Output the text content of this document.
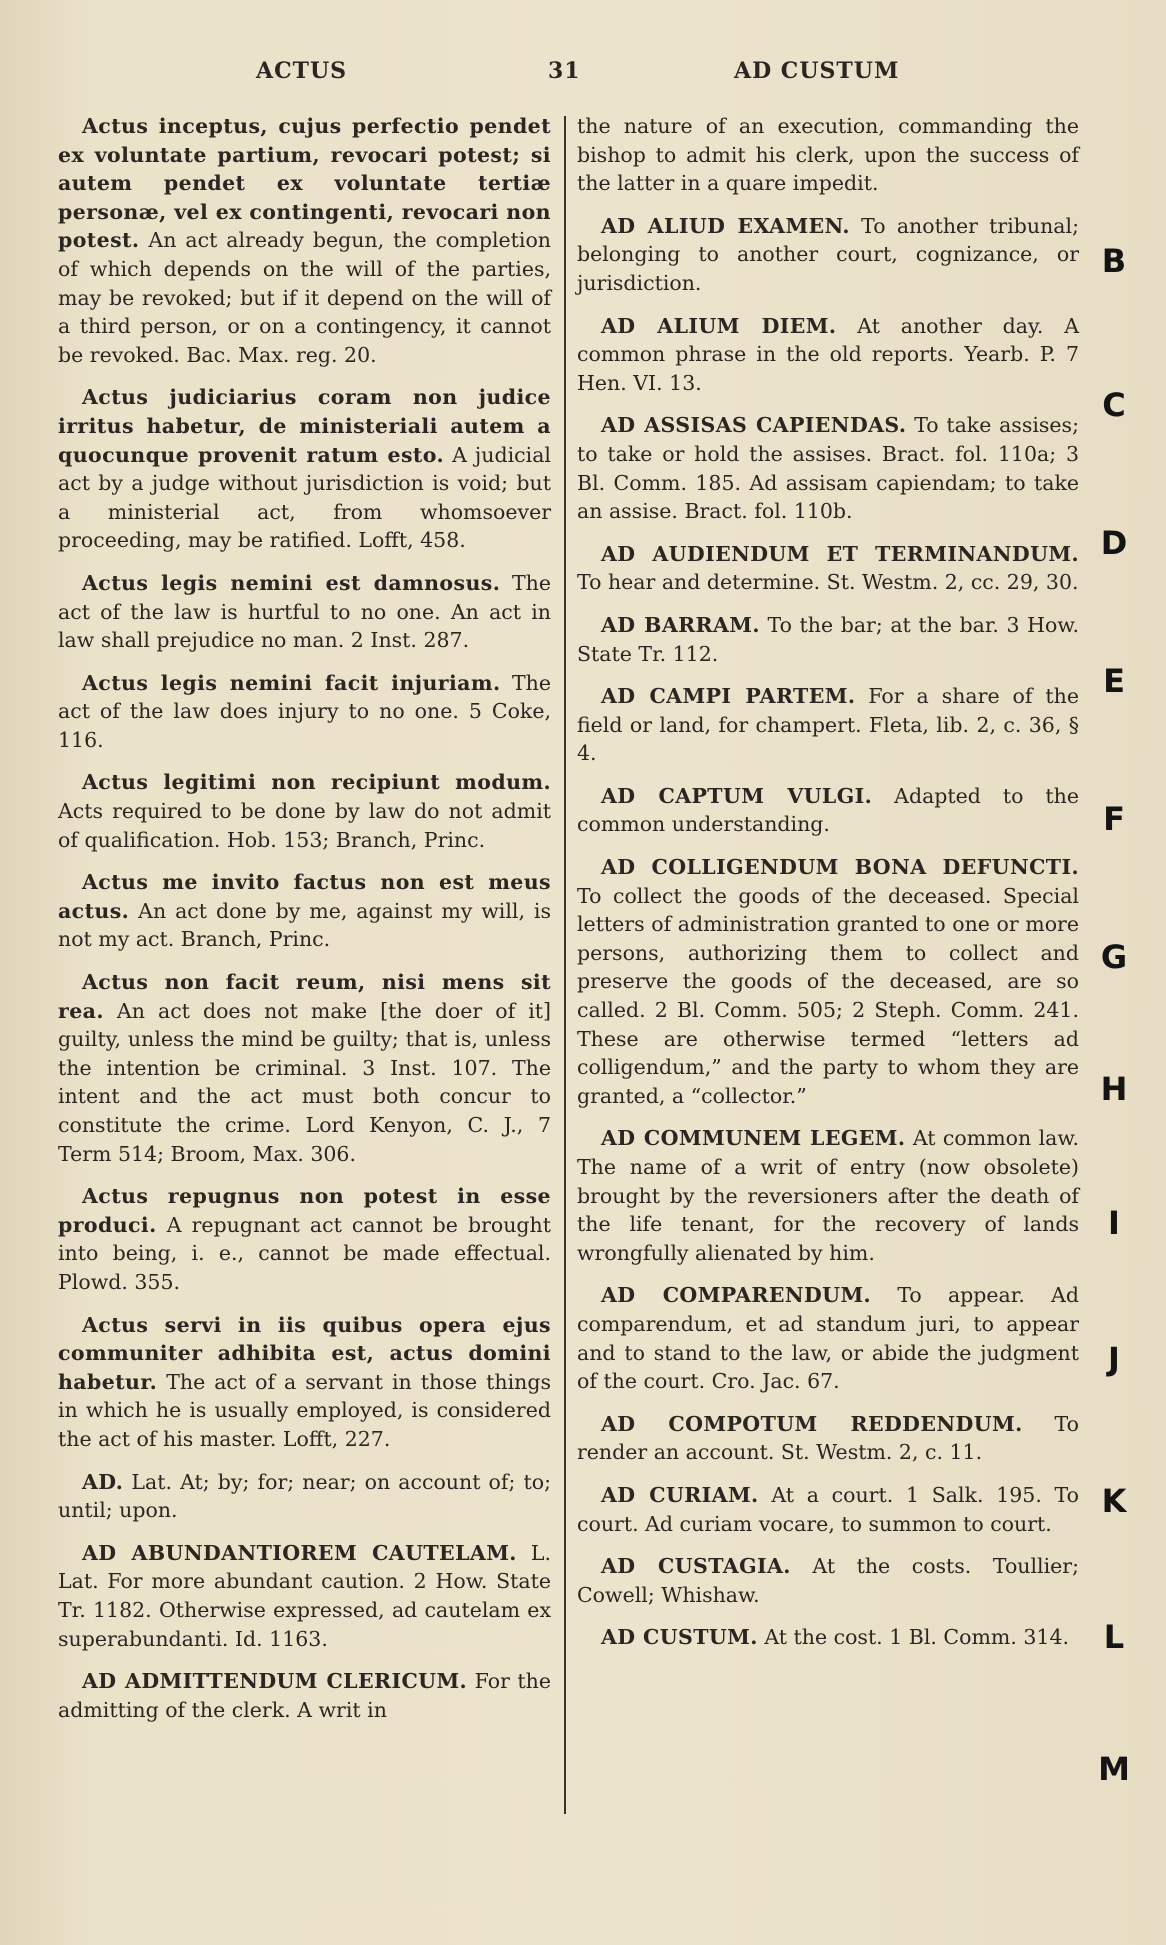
ACTUS	31	AD CUSTUM

Actus inceptus, cujus perfectio pendet ex voluntate partium, revocari potest; si autem pendet ex voluntate tertiæ personæ, vel ex contingenti, revocari non potest. An act already begun, the completion of which depends on the will of the parties, may be revoked; but if it depend on the will of a third person, or on a contingency, it cannot be revoked. Bac. Max. reg. 20.

Actus judiciarius coram non judice irritus habetur, de ministeriali autem a quocunque provenit ratum esto. A judicial act by a judge without jurisdiction is void; but a ministerial act, from whomsoever proceeding, may be ratified. Lofft, 458.

Actus legis nemini est damnosus. The act of the law is hurtful to no one. An act in law shall prejudice no man. 2 Inst. 287.

Actus legis nemini facit injuriam. The act of the law does injury to no one. 5 Coke, 116.

Actus legitimi non recipiunt modum. Acts required to be done by law do not admit of qualification. Hob. 153; Branch, Princ.

Actus me invito factus non est meus actus. An act done by me, against my will, is not my act. Branch, Princ.

Actus non facit reum, nisi mens sit rea. An act does not make [the doer of it] guilty, unless the mind be guilty; that is, unless the intention be criminal. 3 Inst. 107. The intent and the act must both concur to constitute the crime. Lord Kenyon, C. J., 7 Term 514; Broom, Max. 306.

Actus repugnus non potest in esse produci. A repugnant act cannot be brought into being, i. e., cannot be made effectual. Plowd. 355.

Actus servi in iis quibus opera ejus communiter adhibita est, actus domini habetur. The act of a servant in those things in which he is usually employed, is considered the act of his master. Lofft, 227.

AD. Lat. At; by; for; near; on account of; to; until; upon.

AD ABUNDANTIOREM CAUTELAM. L. Lat. For more abundant caution. 2 How. State Tr. 1182. Otherwise expressed, ad cautelam ex superabundanti. Id. 1163.

AD ADMITTENDUM CLERICUM. For the admitting of the clerk. A writ in

the nature of an execution, commanding the bishop to admit his clerk, upon the success of the latter in a quare impedit.

AD ALIUD EXAMEN. To another tribunal; belonging to another court, cognizance, or jurisdiction.

AD ALIUM DIEM. At another day. A common phrase in the old reports. Yearb. P. 7 Hen. VI. 13.

AD ASSISAS CAPIENDAS. To take assises; to take or hold the assises. Bract. fol. 110a; 3 Bl. Comm. 185. Ad assisam capiendam; to take an assise. Bract. fol. 110b.

AD AUDIENDUM ET TERMINANDUM. To hear and determine. St. Westm. 2, cc. 29, 30.

AD BARRAM. To the bar; at the bar. 3 How. State Tr. 112.

AD CAMPI PARTEM. For a share of the field or land, for champert. Fleta, lib. 2, c. 36, § 4.

AD CAPTUM VULGI. Adapted to the common understanding.

AD COLLIGENDUM BONA DEFUNCTI. To collect the goods of the deceased. Special letters of administration granted to one or more persons, authorizing them to collect and preserve the goods of the deceased, are so called. 2 Bl. Comm. 505; 2 Steph. Comm. 241. These are otherwise termed “letters ad colligendum,” and the party to whom they are granted, a “collector.”

AD COMMUNEM LEGEM. At common law. The name of a writ of entry (now obsolete) brought by the reversioners after the death of the life tenant, for the recovery of lands wrongfully alienated by him.

AD COMPARENDUM. To appear. Ad comparendum, et ad standum juri, to appear and to stand to the law, or abide the judgment of the court. Cro. Jac. 67.

AD COMPOTUM REDDENDUM. To render an account. St. Westm. 2, c. 11.

AD CURIAM. At a court. 1 Salk. 195. To court. Ad curiam vocare, to summon to court.

AD CUSTAGIA. At the costs. Toullier; Cowell; Whishaw.

AD CUSTUM. At the cost. 1 Bl. Comm. 314.

B
C
D
E
F
G
H
I
J
K
L
M
